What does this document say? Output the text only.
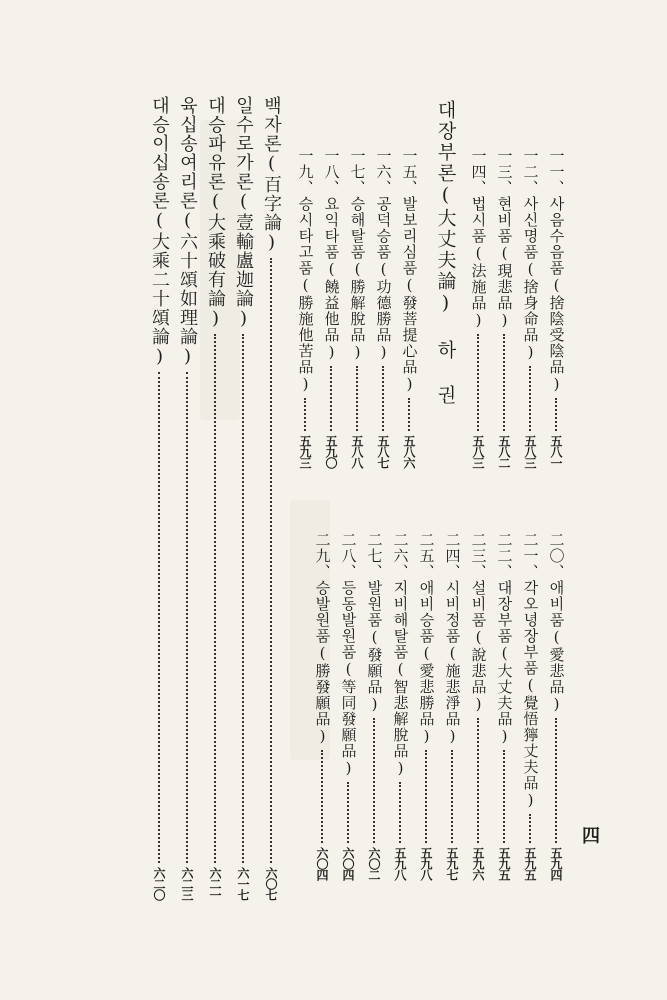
一一、
사음수음품(捨陰受陰品)
五八一
一二、
사신명품(捨身命品)
五八三
一三、
현비품(現悲品)
五八二
一四、
법시품(法施品)
五八三
대장부론(大丈夫論) 하 권
一五、
발보리심품(發菩提心品)
五八六
一六、
공덕승품(功德勝品)
五八七
一七、
승해탈품(勝解脫品)
五八八
一八、
요익타품(饒益他品)
五九〇
一九、
승시타고품(勝施他苦品)
五九三
二〇、
애비품(愛悲品)
五九四
二一、
각오녕장부품(覺悟獰丈夫品)
五九五
二二、
대장부품(大丈夫品)
五九五
二三、
설비품(說悲品)
五九六
二四、
시비정품(施悲淨品)
五九七
二五、
애비승품(愛悲勝品)
五九八
二六、
지비해탈품(智悲解脫品)
五九八
二七、
발원품(發願品)
六〇二
二八、
등동발원품(等同發願品)
六〇四
二九、
승발원품(勝發願品)
六〇四
백자론(百字論)
六〇七
일수로가론(壹輸盧迦論)
六一七
대승파유론(大乘破有論)
六二一
육십송여리론(六十頌如理論)
六二三
대승이십송론(大乘二十頌論)
六二〇
四
